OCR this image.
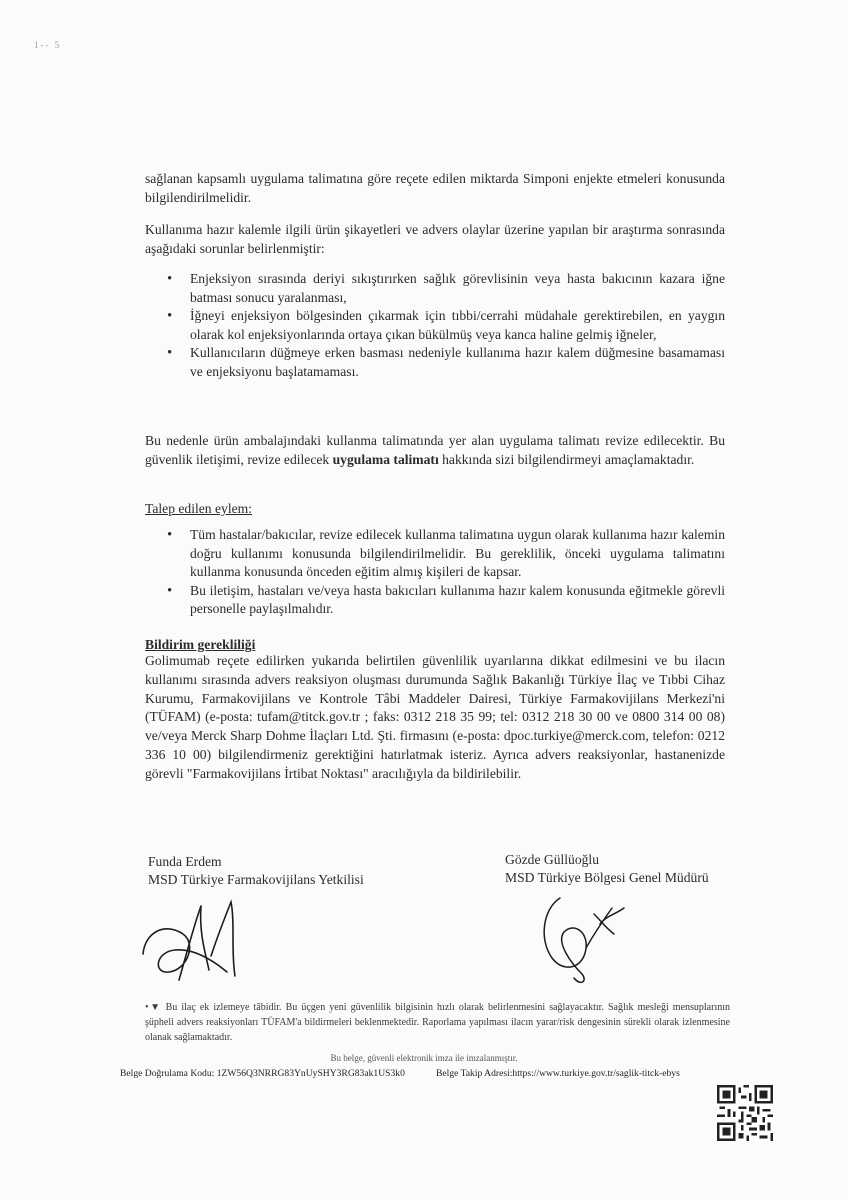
1-- 5

sağlanan kapsamlı uygulama talimatına göre reçete edilen miktarda Simponi enjekte etmeleri konusunda bilgilendirilmelidir.

Kullanıma hazır kalemle ilgili ürün şikayetleri ve advers olaylar üzerine yapılan bir araştırma sonrasında aşağıdaki sorunlar belirlenmiştir:

• Enjeksiyon sırasında deriyi sıkıştırırken sağlık görevlisinin veya hasta bakıcının kazara iğne batması sonucu yaralanması,
• İğneyi enjeksiyon bölgesinden çıkarmak için tıbbi/cerrahi müdahale gerektirebilen, en yaygın olarak kol enjeksiyonlarında ortaya çıkan bükülmüş veya kanca haline gelmiş iğneler,
• Kullanıcıların düğmeye erken basması nedeniyle kullanıma hazır kalem düğmesine basamaması ve enjeksiyonu başlatamaması.

Bu nedenle ürün ambalajındaki kullanma talimatında yer alan uygulama talimatı revize edilecektir. Bu güvenlik iletişimi, revize edilecek uygulama talimatı hakkında sizi bilgilendirmeyi amaçlamaktadır.

Talep edilen eylem:

• Tüm hastalar/bakıcılar, revize edilecek kullanma talimatına uygun olarak kullanıma hazır kalemin doğru kullanımı konusunda bilgilendirilmelidir. Bu gereklilik, önceki uygulama talimatını kullanma konusunda önceden eğitim almış kişileri de kapsar.
• Bu iletişim, hastaları ve/veya hasta bakıcıları kullanıma hazır kalem konusunda eğitmekle görevli personelle paylaşılmalıdır.

Bildirim gerekliliği

Golimumab reçete edilirken yukarıda belirtilen güvenlilik uyarılarına dikkat edilmesini ve bu ilacın kullanımı sırasında advers reaksiyon oluşması durumunda Sağlık Bakanlığı Türkiye İlaç ve Tıbbi Cihaz Kurumu, Farmakovijilans ve Kontrole Tâbi Maddeler Dairesi, Türkiye Farmakovijilans Merkezi'ni (TÜFAM) (e-posta: tufam@titck.gov.tr ; faks: 0312 218 35 99; tel: 0312 218 30 00 ve 0800 314 00 08) ve/veya Merck Sharp Dohme İlaçları Ltd. Şti. firmasını (e-posta: dpoc.turkiye@merck.com, telefon: 0212 336 10 00) bilgilendirmeniz gerektiğini hatırlatmak isteriz. Ayrıca advers reaksiyonlar, hastanenizde görevli "Farmakovijilans İrtibat Noktası" aracılığıyla da bildirilebilir.

Funda Erdem
MSD Türkiye Farmakovijilans Yetkilisi
Gözde Güllüoğlu
MSD Türkiye Bölgesi Genel Müdürü

•▼ Bu ilaç ek izlemeye tâbidir. Bu üçgen yeni güvenlilik bilgisinin hızlı olarak belirlenmesini sağlayacaktır. Sağlık mesleği mensuplarının şüpheli advers reaksiyonları TÜFAM'a bildirmeleri beklenmektedir. Raporlama yapılması ilacın yarar/risk dengesinin sürekli olarak izlenmesine olanak sağlamaktadır.

Bu belge, güvenli elektronik imza ile imzalanmıştır.
Belge Doğrulama Kodu: 1ZW56Q3NRRG83YnUySHY3RG83ak1US3k0	Belge Takip Adresi:https://www.turkiye.gov.tr/saglik-titck-ebys
